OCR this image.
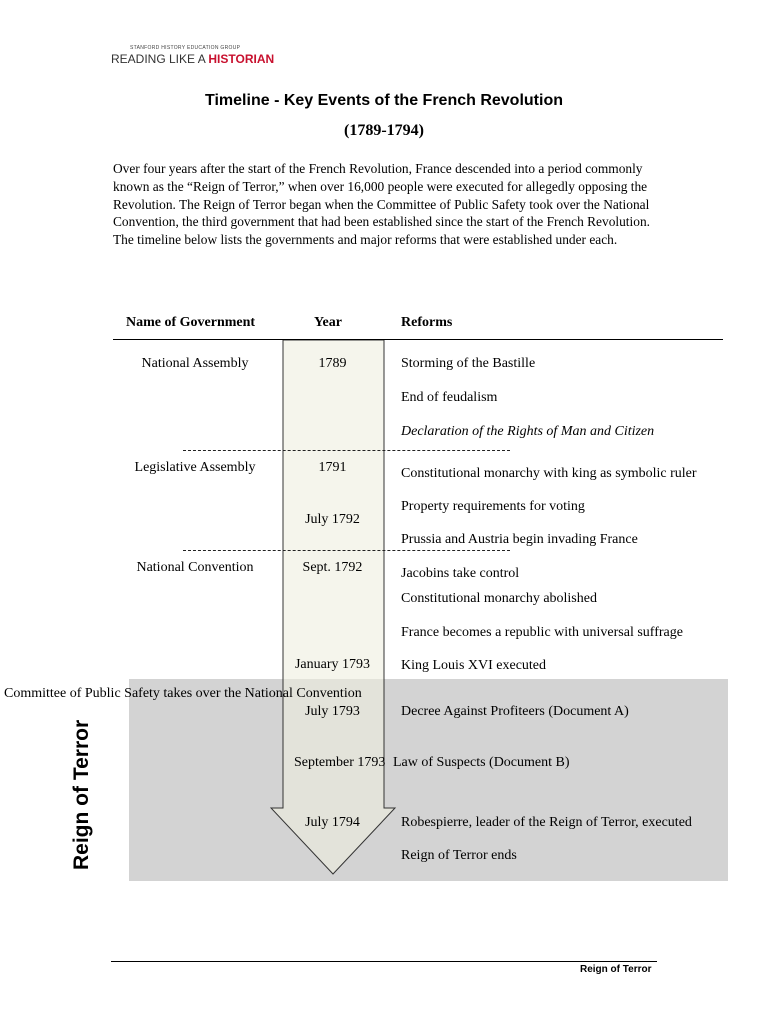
STANFORD HISTORY EDUCATION GROUP
READING LIKE A HISTORIAN
Timeline - Key Events of the French Revolution
(1789-1794)

Over four years after the start of the French Revolution, France descended into a period commonly known as the “Reign of Terror,” when over 16,000 people were executed for allegedly opposing the Revolution. The Reign of Terror began when the Committee of Public Safety took over the National Convention, the third government that had been established since the start of the French Revolution. The timeline below lists the governments and major reforms that were established under each.

Name of Government	Year	Reforms
National Assembly
Legislative Assembly
National Convention
Committee of Public Safety takes over the National Convention
1789
1791
July 1792
Sept. 1792
January 1793
July 1793
September 1793
July 1794
Storming of the Bastille
End of feudalism
Declaration of the Rights of Man and Citizen
Constitutional monarchy with king as symbolic ruler
Property requirements for voting
Prussia and Austria begin invading France
Jacobins take control
Constitutional monarchy abolished
France becomes a republic with universal suffrage
King Louis XVI executed
Decree Against Profiteers (Document A)
Law of Suspects (Document B)
Robespierre, leader of the Reign of Terror, executed
Reign of Terror ends
Reign of Terror
Reign of Terror
